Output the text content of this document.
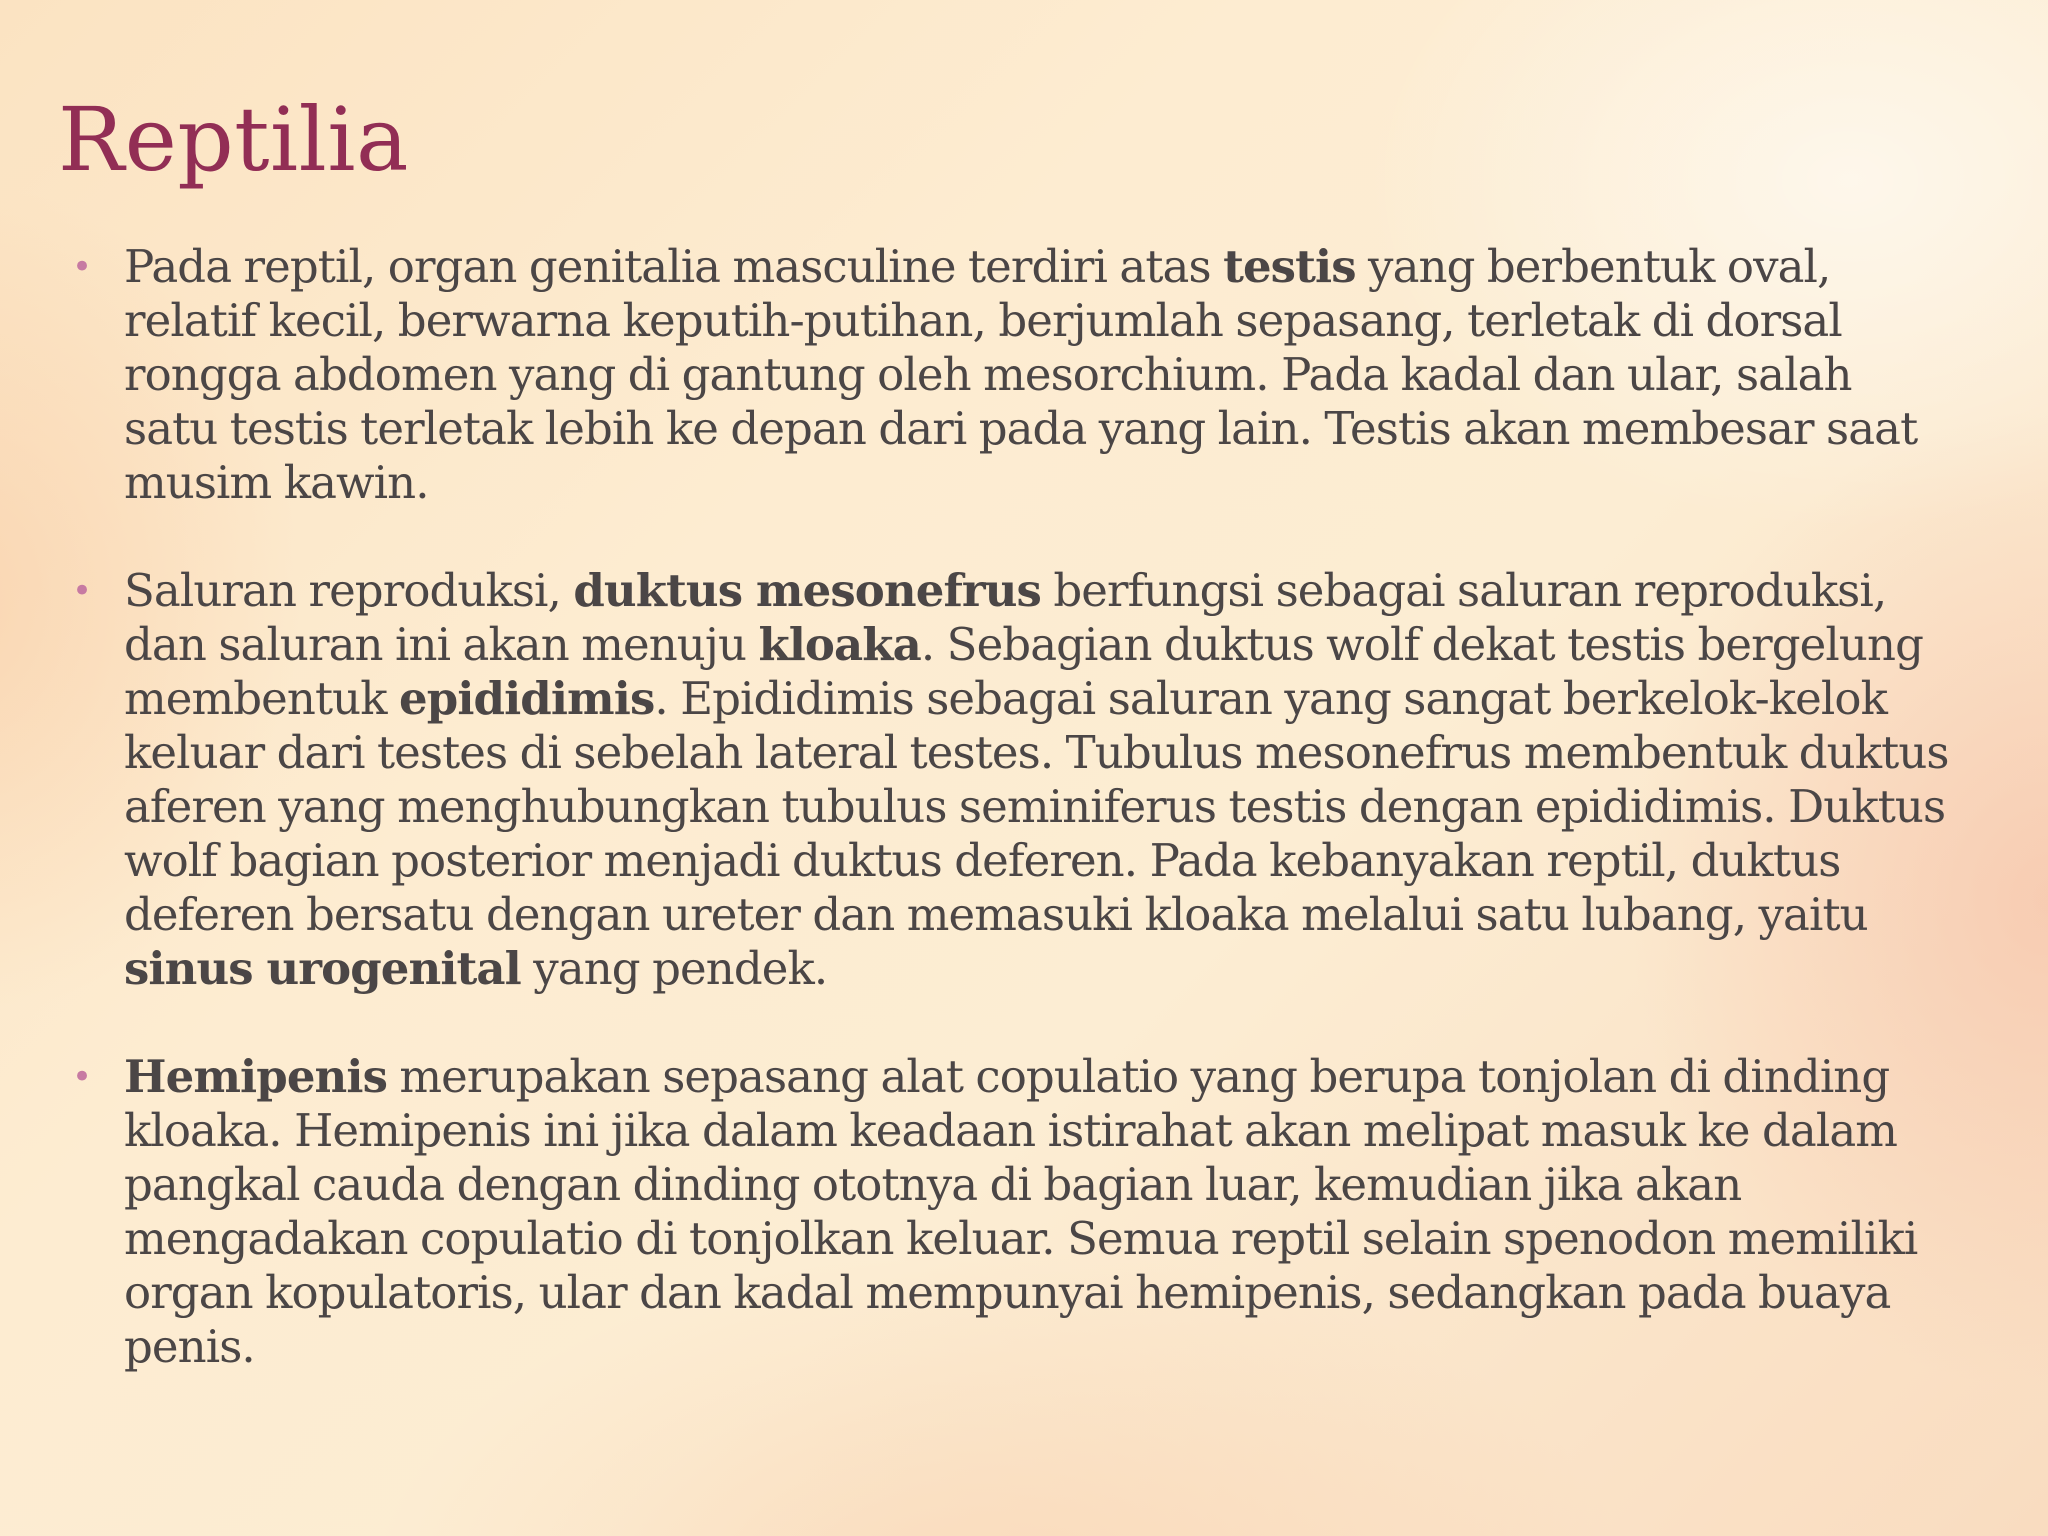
Reptilia
• Pada reptil, organ genitalia masculine terdiri atas testis yang berbentuk oval, relatif kecil, berwarna keputih-putihan, berjumlah sepasang, terletak di dorsal rongga abdomen yang di gantung oleh mesorchium. Pada kadal dan ular, salah satu testis terletak lebih ke depan dari pada yang lain. Testis akan membesar saat musim kawin.
• Saluran reproduksi, duktus mesonefrus berfungsi sebagai saluran reproduksi, dan saluran ini akan menuju kloaka. Sebagian duktus wolf dekat testis bergelung membentuk epididimis. Epididimis sebagai saluran yang sangat berkelok-kelok keluar dari testes di sebelah lateral testes. Tubulus mesonefrus membentuk duktus aferen yang menghubungkan tubulus seminiferus testis dengan epididimis. Duktus wolf bagian posterior menjadi duktus deferen. Pada kebanyakan reptil, duktus deferen bersatu dengan ureter dan memasuki kloaka melalui satu lubang, yaitu sinus urogenital yang pendek.
• Hemipenis merupakan sepasang alat copulatio yang berupa tonjolan di dinding kloaka. Hemipenis ini jika dalam keadaan istirahat akan melipat masuk ke dalam pangkal cauda dengan dinding ototnya di bagian luar, kemudian jika akan mengadakan copulatio di tonjolkan keluar. Semua reptil selain spenodon memiliki organ kopulatoris, ular dan kadal mempunyai hemipenis, sedangkan pada buaya penis.
